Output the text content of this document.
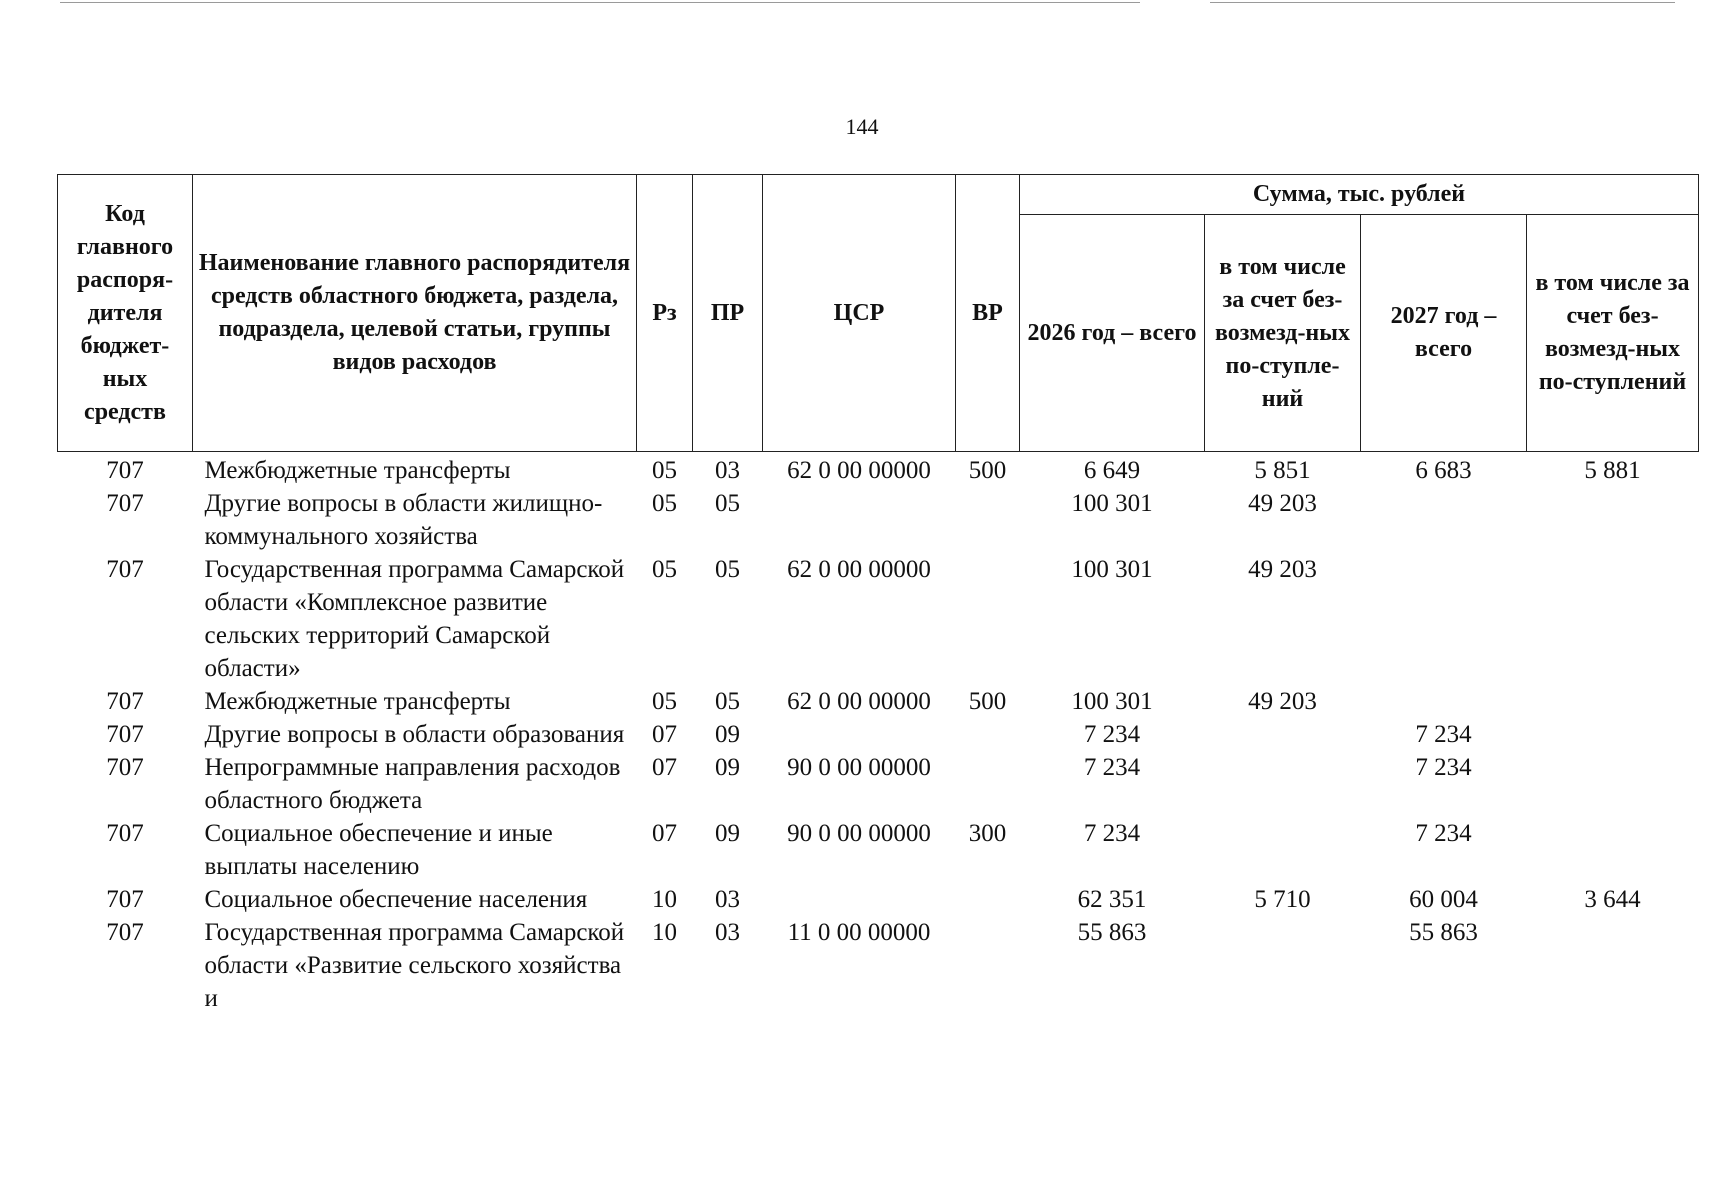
144
Код главного распоря-дителя бюджет-ных средств	Наименование главного распорядителя средств областного бюджета, раздела, подраздела, целевой статьи, группы видов расходов	Рз	ПР	ЦСР	ВР	Сумма, тыс. рублей			
						2026 год – всего	в том числе за счет без-возмезд-ных по-ступле-ний	2027 год – всего	в том числе за счет без-возмезд-ных по-ступлений
707	Межбюджетные трансферты	05	03	62 0 00 00000	500	6 649	5 851	6 683	5 881
707	Другие вопросы в области жилищно-коммунального хозяйства	05	05			100 301	49 203		
707	Государственная программа Самарской области «Комплексное развитие сельских территорий Самарской области»	05	05	62 0 00 00000		100 301	49 203		
707	Межбюджетные трансферты	05	05	62 0 00 00000	500	100 301	49 203		
707	Другие вопросы в области образования	07	09			7 234		7 234	
707	Непрограммные направления расходов областного бюджета	07	09	90 0 00 00000		7 234		7 234	
707	Социальное обеспечение и иные выплаты населению	07	09	90 0 00 00000	300	7 234		7 234	
707	Социальное обеспечение населения	10	03			62 351	5 710	60 004	3 644
707	Государственная программа Самарской области «Развитие сельского хозяйства и	10	03	11 0 00 00000		55 863		55 863	
